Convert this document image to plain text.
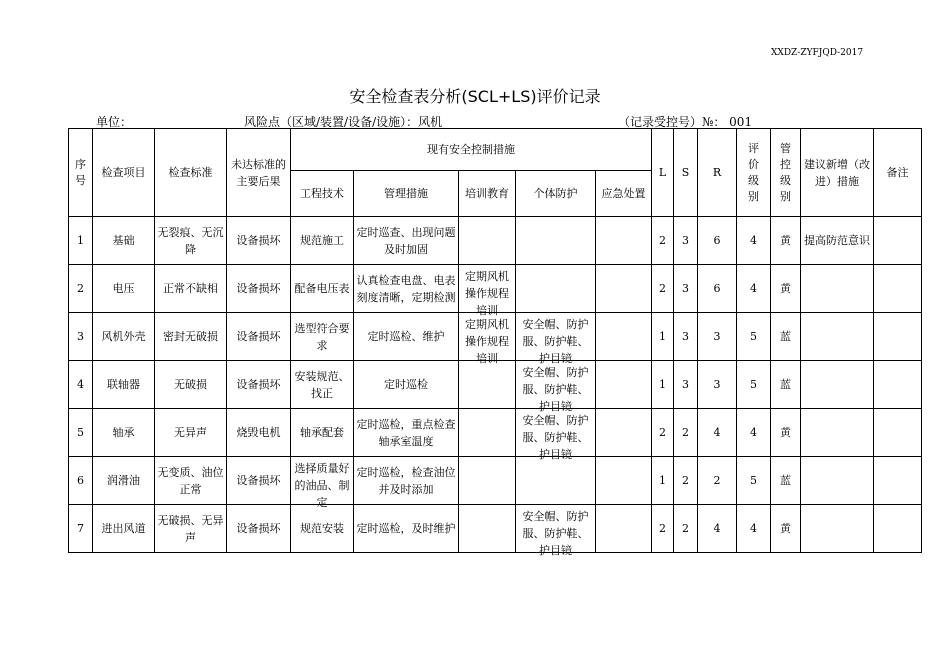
XXDZ-ZYFJQD-2017
安全检查表分析(SCL+LS)评价记录
单位：	风险点（区域/装置/设备/设施）：风机	（记录受控号）№： 001
序号	检查项目	检查标准	未达标准的主要后果	现有安全控制措施					L	S	R	评价级别	管控级别	建议新增（改进）措施	备注
				工程技术	管理措施	培训教育	个体防护	应急处置							

1	基础	无裂痕、无沉降	设备损坏	规范施工	定时巡查、出现问题及时加固				2	3	6	4	黄	提高防范意识	

2	电压	正常不缺相	设备损坏	配备电压表	认真检查电盘、电表刻度清晰，定期检测	定期风机操作规程培训			2	3	6	4	黄		

3	风机外壳	密封无破损	设备损坏	选型符合要求	定时巡检、维护	定期风机操作规程培训	安全帽、防护服、防护鞋、护目镜		1	3	3	5	蓝		

4	联轴器	无破损	设备损坏	安装规范、找正	定时巡检		安全帽、防护服、防护鞋、护目镜		1	3	3	5	蓝		

5	轴承	无异声	烧毁电机	轴承配套	定时巡检，重点检查轴承室温度		安全帽、防护服、防护鞋、护目镜		2	2	4	4	黄		

6	润滑油	无变质、油位正常	设备损坏	选择质量好的油品、制定	定时巡检，检查油位并及时添加				1	2	2	5	蓝		

7	进出风道	无破损、无异声	设备损坏	规范安装	定时巡检，及时维护		安全帽、防护服、防护鞋、护目镜		2	2	4	4	黄		
